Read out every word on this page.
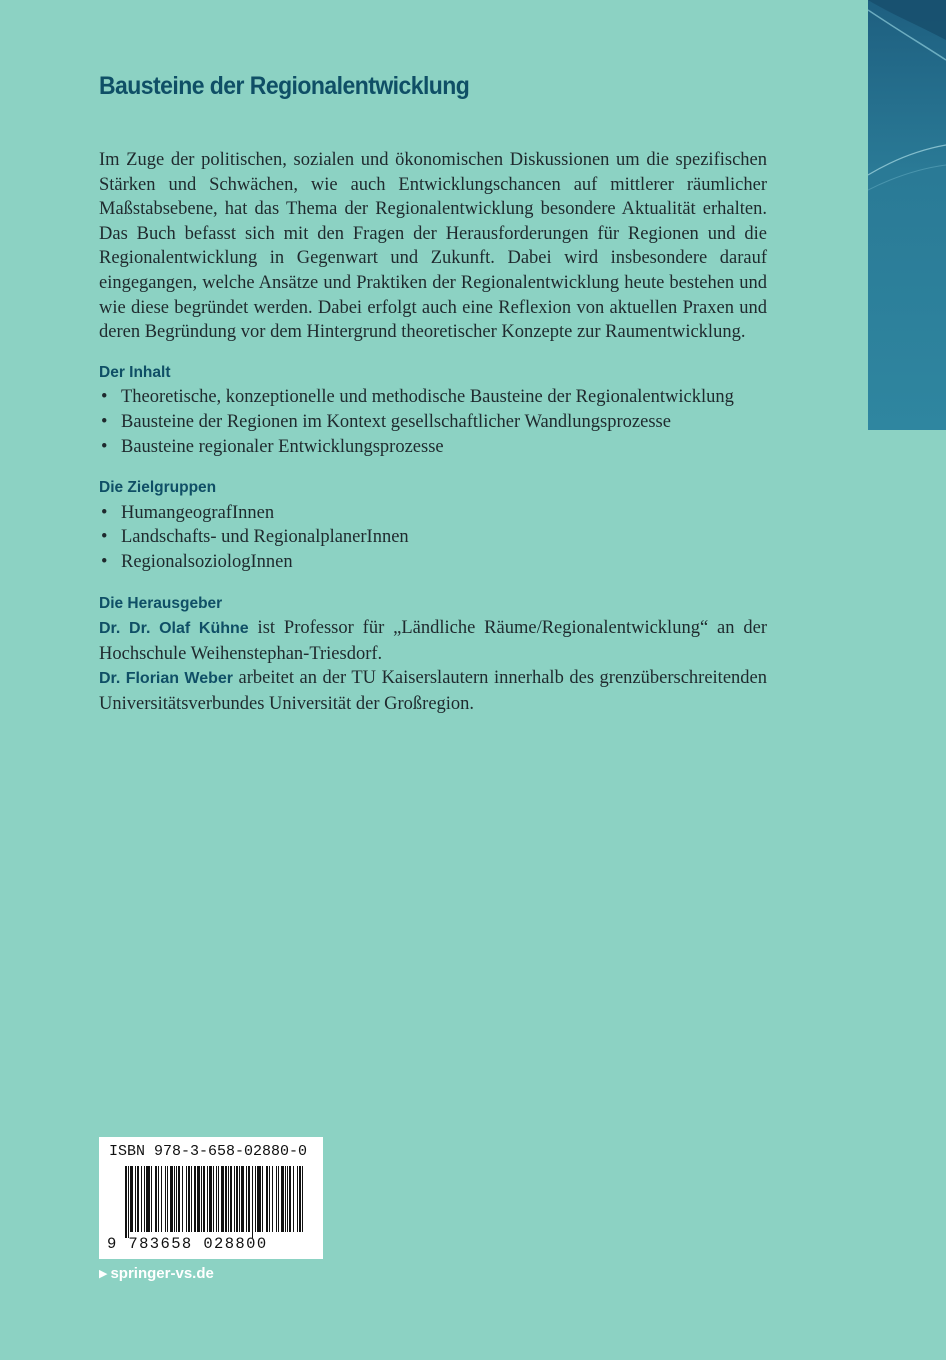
Bausteine der Regionalentwicklung

Im Zuge der politischen, sozialen und ökonomischen Diskussionen um die spezifischen Stärken und Schwächen, wie auch Entwicklungschancen auf mittlerer räumlicher Maßstabsebene, hat das Thema der Regionalentwicklung besondere Aktualität erhalten. Das Buch befasst sich mit den Fragen der Herausforderungen für Regionen und die Regionalentwicklung in Gegenwart und Zukunft. Dabei wird insbesondere darauf eingegangen, welche Ansätze und Praktiken der Regionalentwicklung heute bestehen und wie diese begründet werden. Dabei erfolgt auch eine Reflexion von aktuellen Praxen und deren Begründung vor dem Hintergrund theoretischer Konzepte zur Raumentwicklung.

Der Inhalt
• Theoretische, konzeptionelle und methodische Bausteine der Regionalentwicklung
• Bausteine der Regionen im Kontext gesellschaftlicher Wandlungsprozesse
• Bausteine regionaler Entwicklungsprozesse
Die Zielgruppen
• HumangeografInnen
• Landschafts- und RegionalplanerInnen
• RegionalsoziologInnen
Die Herausgeber

Dr. Dr. Olaf Kühne ist Professor für „Ländliche Räume/Regionalentwicklung“ an der Hochschule Weihenstephan-Triesdorf.

Dr. Florian Weber arbeitet an der TU Kaiserslautern innerhalb des grenzüberschreitenden Universitätsverbundes Universität der Großregion.

ISBN 978-3-658-02880-0
9 783658 028800
▶ springer-vs.de
